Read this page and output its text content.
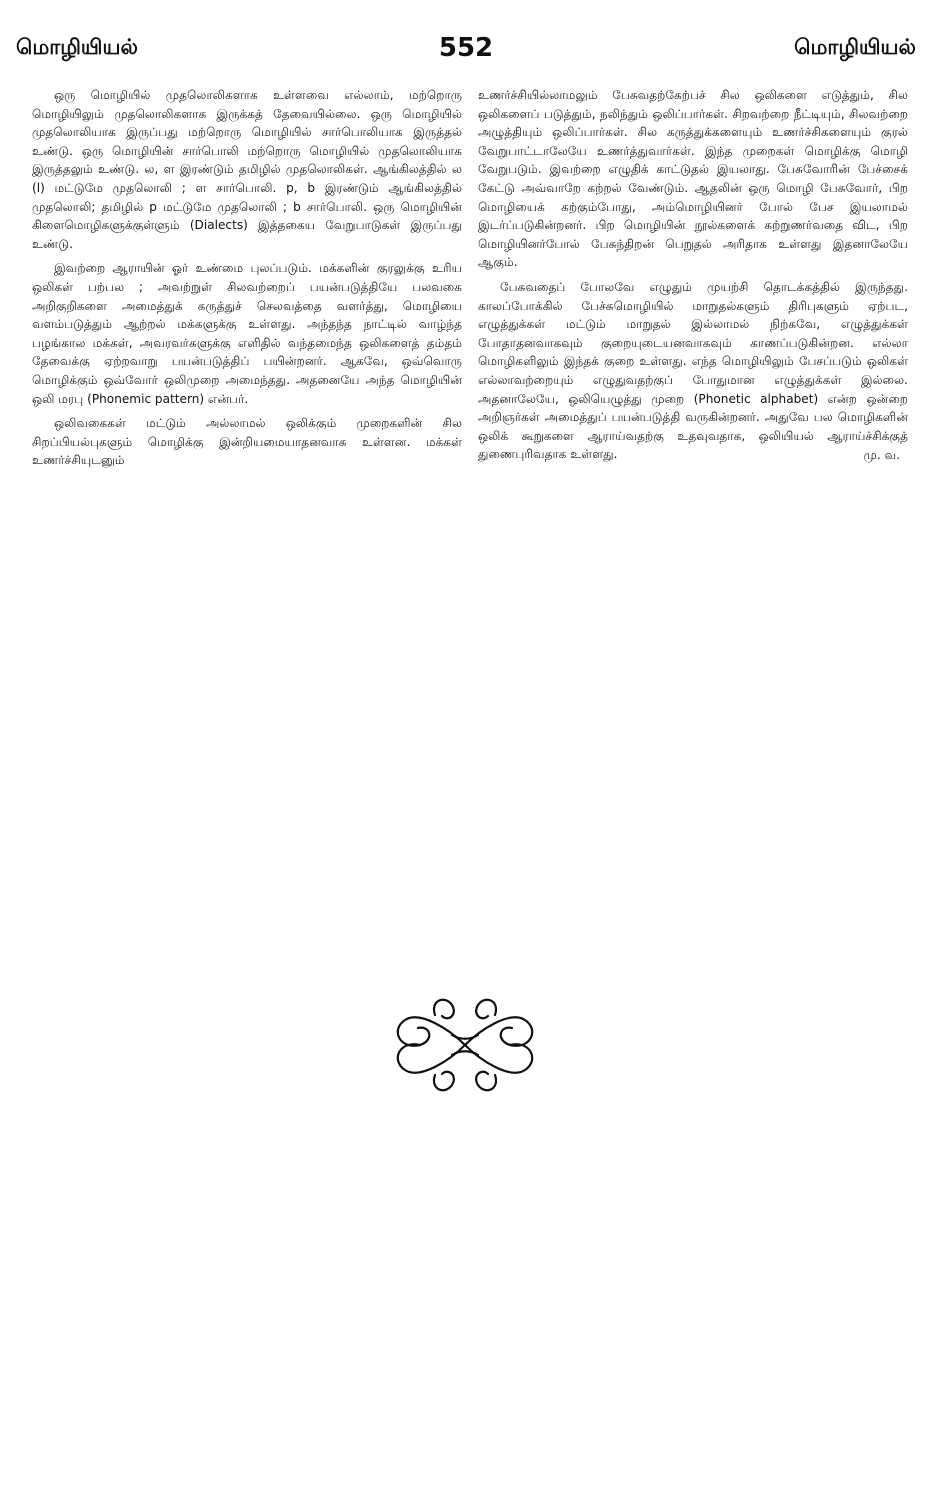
மொழியியல்	552	மொழியியல்

ஒரு மொழியில் முதலொலிகளாக உள்ளவை எல்லாம், மற்றொரு மொழியிலும் முதலொலிகளாக இருக்கத் தேவையில்லை. ஒரு மொழியில் முதலொலியாக இருப்பது மற்றொரு மொழியில் சார்பொலியாக இருத்தல் உண்டு. ஒரு மொழியின் சார்பொலி மற்றொரு மொழியில் முதலொலியாக இருத்தலும் உண்டு. ல, ள இரண்டும் தமிழில் முதலொலிகள். ஆங்கிலத்தில் ல (l) மட்டுமே முதலொலி ; ள சார்பொலி. p, b இரண்டும் ஆங்கிலத்தில் முதலொலி; தமிழில் p மட்டுமே முதலொலி ; b சார்பொலி. ஒரு மொழியின் கிளைமொழிகளுக்குள்ளும் (Dialects) இத்தகைய வேறுபாடுகள் இருப்பது உண்டு.

இவற்றை ஆராயின் ஓர் உண்மை புலப்படும். மக்களின் குரலுக்கு உரிய ஒலிகள் பற்பல ; அவற்றுள் சிலவற்றைப் பயன்படுத்தியே பலவகை அறிகுறிகளை அமைத்துக் கருத்துச் செலவத்தை வளர்த்து, மொழியை வளம்படுத்தும் ஆற்றல் மக்களுக்கு உள்ளது. அந்தந்த நாட்டில் வாழ்ந்த பழங்கால மக்கள், அவரவர்களுக்கு எளிதில் வந்தமைந்த ஒலிகளைத் தம்தம் தேவைக்கு ஏற்றவாறு பயன்படுத்திப் பயின்றனர். ஆகவே, ஒவ்வொரு மொழிக்கும் ஒவ்வோர் ஒலிமுறை அமைந்தது. அதனையே அந்த மொழியின் ஒலி மரபு (Phonemic pattern) என்பர்.

ஒலிவகைகள் மட்டும் அல்லாமல் ஒலிக்கும் முறைகளின் சில சிறப்பியல்புகளும் மொழிக்கு இன்றியமையாதனவாக உள்ளன. மக்கள் உணர்ச்சியுடனும்

உணர்ச்சியில்லாமலும் பேசுவதற்கேற்பச் சில ஒலிகளை எடுத்தும், சில ஒலிகளைப் படுத்தும், நலிந்தும் ஒலிப்பார்கள். சிறவற்றை நீட்டியும், சிலவற்றை அழுத்தியும் ஒலிப்பார்கள். சில கருத்துக்களையும் உணர்ச்சிகளையும் குரல் வேறுபாட்டாலேயே உணர்த்துவார்கள். இந்த முறைகள் மொழிக்கு மொழி வேறுபடும். இவற்றை எழுதிக் காட்டுதல் இயலாது. பேசுவோரின் பேச்சைக் கேட்டு அவ்வாறே கற்றல் வேண்டும். ஆதலின் ஒரு மொழி பேசுவோர், பிற மொழியைக் கற்கும்போது, அம்மொழியினர் போல் பேச இயலாமல் இடர்ப்படுகின்றனர். பிற மொழியின் நூல்களைக் கற்றுணர்வதை விட, பிற மொழியினர்போல் பேசுந்திறன் பெறுதல் அரிதாக உள்ளது இதனாலேயே ஆகும்.

பேசுவதைப் போலவே எழுதும் முயற்சி தொடக்கத்தில் இருந்தது. காலப்போக்கில் பேச்சுமொழியில் மாறுதல்களும் திரிபுகளும் ஏற்பட, எழுத்துக்கள் மட்டும் மாறுதல் இல்லாமல் நிற்கவே, எழுத்துக்கள் போதாதனவாகவும் குறையுடையனவாகவும் காணப்படுகின்றன. எல்லா மொழிகளிலும் இந்தக் குறை உள்ளது. எந்த மொழியிலும் பேசப்படும் ஒலிகள் எல்லாவற்றையும் எழுதுவதற்குப் போதுமான எழுத்துக்கள் இல்லை. அதனாலேயே, ஒலியெழுத்து முறை (Phonetic alphabet) என்ற ஒன்றை அறிஞர்கள் அமைத்துப் பயன்படுத்தி வருகின்றனர். அதுவே பல மொழிகளின் ஒலிக் கூறுகளை ஆராய்வதற்கு உதவுவதாக, ஒலியியல் ஆராய்ச்சிக்குத் துணைபுரிவதாக உள்ளது.	மு. வ.
